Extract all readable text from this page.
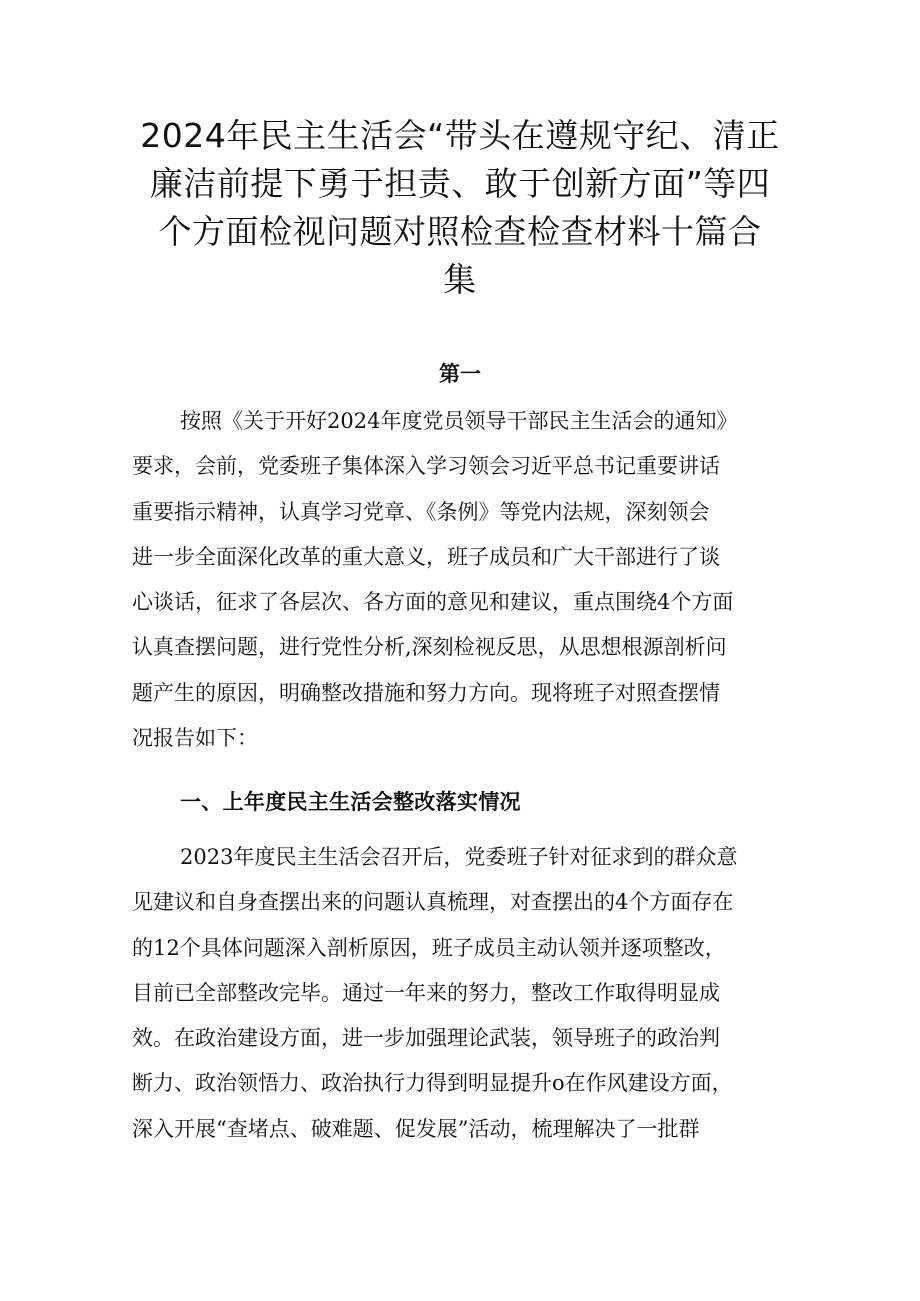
2024年民主生活会“带头在遵规守纪、清正
廉洁前提下勇于担责、敢于创新方面”等四
个方面检视问题对照检查检查材料十篇合
集
第一
按照《关于开好2024年度党员领导干部民主生活会的通知》
要求，会前，党委班子集体深入学习领会习近平总书记重要讲话
重要指示精神，认真学习党章、《条例》等党内法规，深刻领会
进一步全面深化改革的重大意义，班子成员和广大干部进行了谈
心谈话，征求了各层次、各方面的意见和建议，重点围绕4个方面
认真查摆问题，进行党性分析,深刻检视反思，从思想根源剖析问
题产生的原因，明确整改措施和努力方向。现将班子对照查摆情
况报告如下：
一、上年度民主生活会整改落实情况
2023年度民主生活会召开后，党委班子针对征求到的群众意
见建议和自身查摆出来的问题认真梳理，对查摆出的4个方面存在
的12个具体问题深入剖析原因，班子成员主动认领并逐项整改，
目前已全部整改完毕。通过一年来的努力，整改工作取得明显成
效。在政治建设方面，进一步加强理论武装，领导班子的政治判
断力、政治领悟力、政治执行力得到明显提升o在作风建设方面，
深入开展“查堵点、破难题、促发展”活动，梳理解决了一批群
